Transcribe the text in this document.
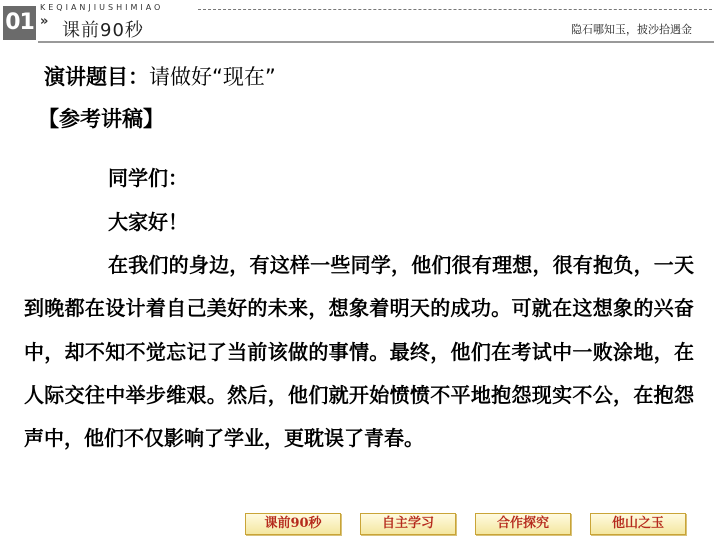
01
KEQIANJIUSHIMIAO
» 课前90秒	隐石哪知玉，披沙拾遇金
演讲题目：请做好“现在”
【参考讲稿】
同学们：
大家好！
在我们的身边，有这样一些同学，他们很有理想，很有抱负，一天到晚都在设计着自己美好的未来，想象着明天的成功。可就在这想象的兴奋中，却不知不觉忘记了当前该做的事情。最终，他们在考试中一败涂地，在人际交往中举步维艰。然后，他们就开始愤愤不平地抱怨现实不公，在抱怨声中，他们不仅影响了学业，更耽误了青春。
课前90秒	自主学习	合作探究	他山之玉
